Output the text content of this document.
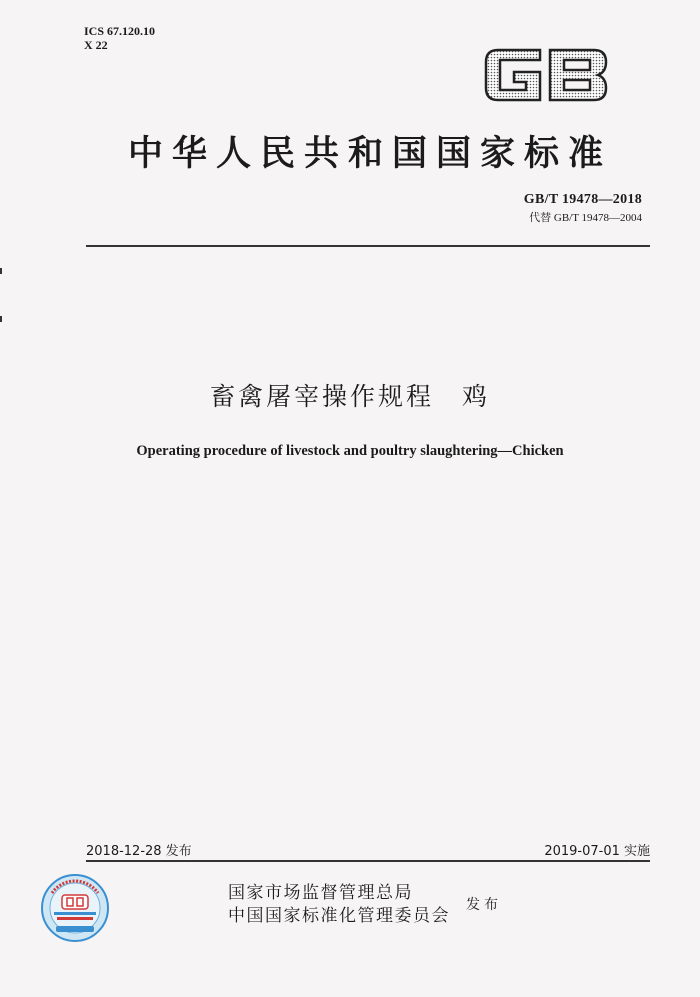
ICS 67.120.10
X 22
中华人民共和国国家标准
GB/T 19478—2018
代替 GB/T 19478—2004
畜禽屠宰操作规程　鸡
Operating procedure of livestock and poultry slaughtering—Chicken
2018-12-28 发布	2019-07-01 实施
国家市场监督管理总局
中国国家标准化管理委员会
发布
